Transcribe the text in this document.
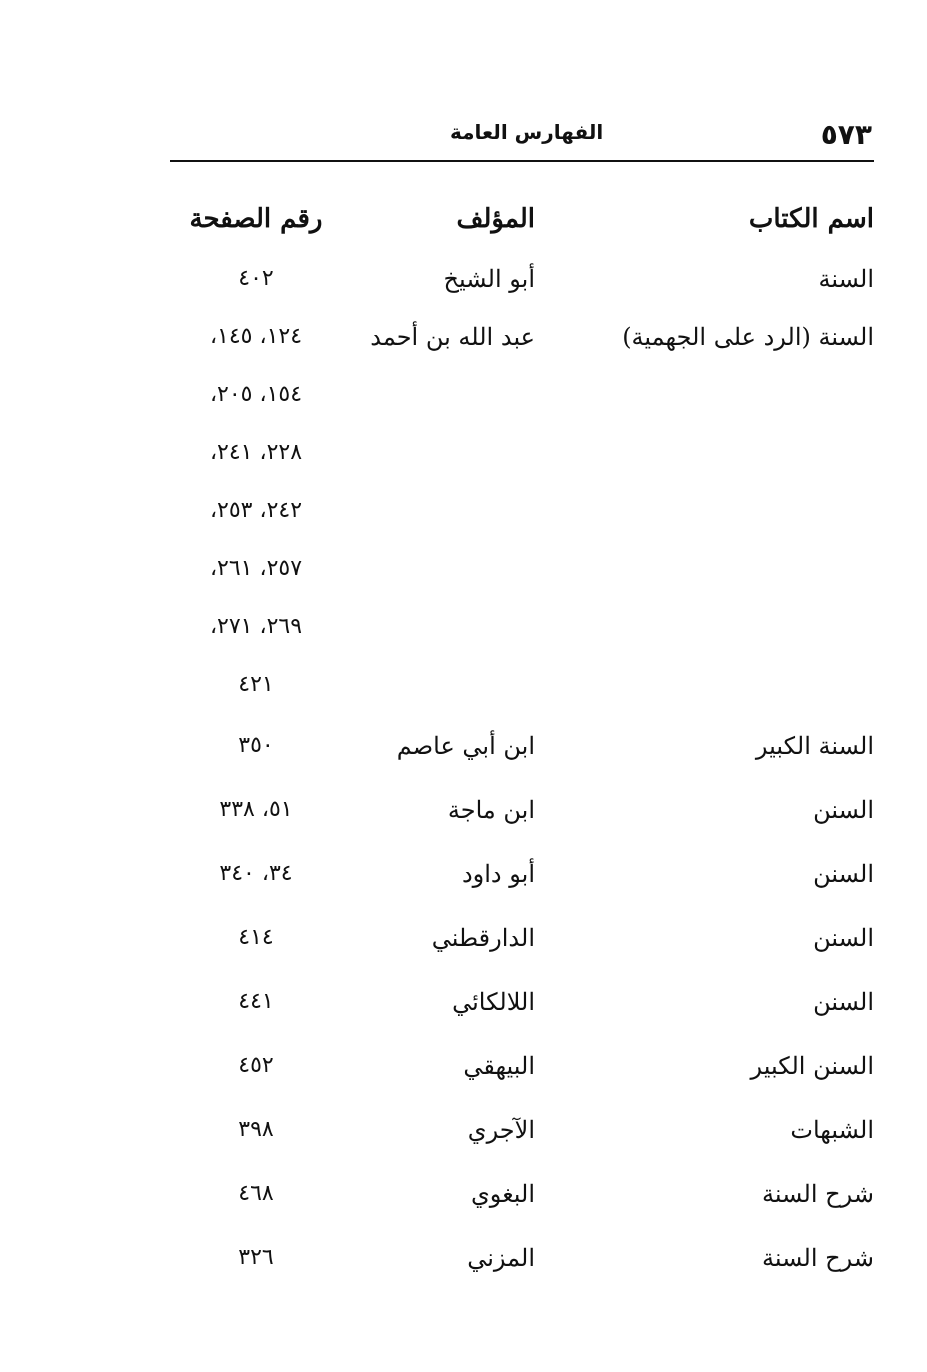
٥٧٣
الفهارس العامة
اسم الكتاب
المؤلف
رقم الصفحة
السنة
أبو الشيخ
٤٠٢
السنة (الرد على الجهمية)
عبد الله بن أحمد
١٢٤، ١٤٥،
١٥٤، ٢٠٥،
٢٢٨، ٢٤١،
٢٤٢، ٢٥٣،
٢٥٧، ٢٦١،
٢٦٩، ٢٧١،
٤٢١
السنة الكبير
ابن أبي عاصم
٣٥٠
السنن
ابن ماجة
٥١، ٣٣٨
السنن
أبو داود
٣٤، ٣٤٠
السنن
الدارقطني
٤١٤
السنن
اللالكائي
٤٤١
السنن الكبير
البيهقي
٤٥٢
الشبهات
الآجري
٣٩٨
شرح السنة
البغوي
٤٦٨
شرح السنة
المزني
٣٢٦
